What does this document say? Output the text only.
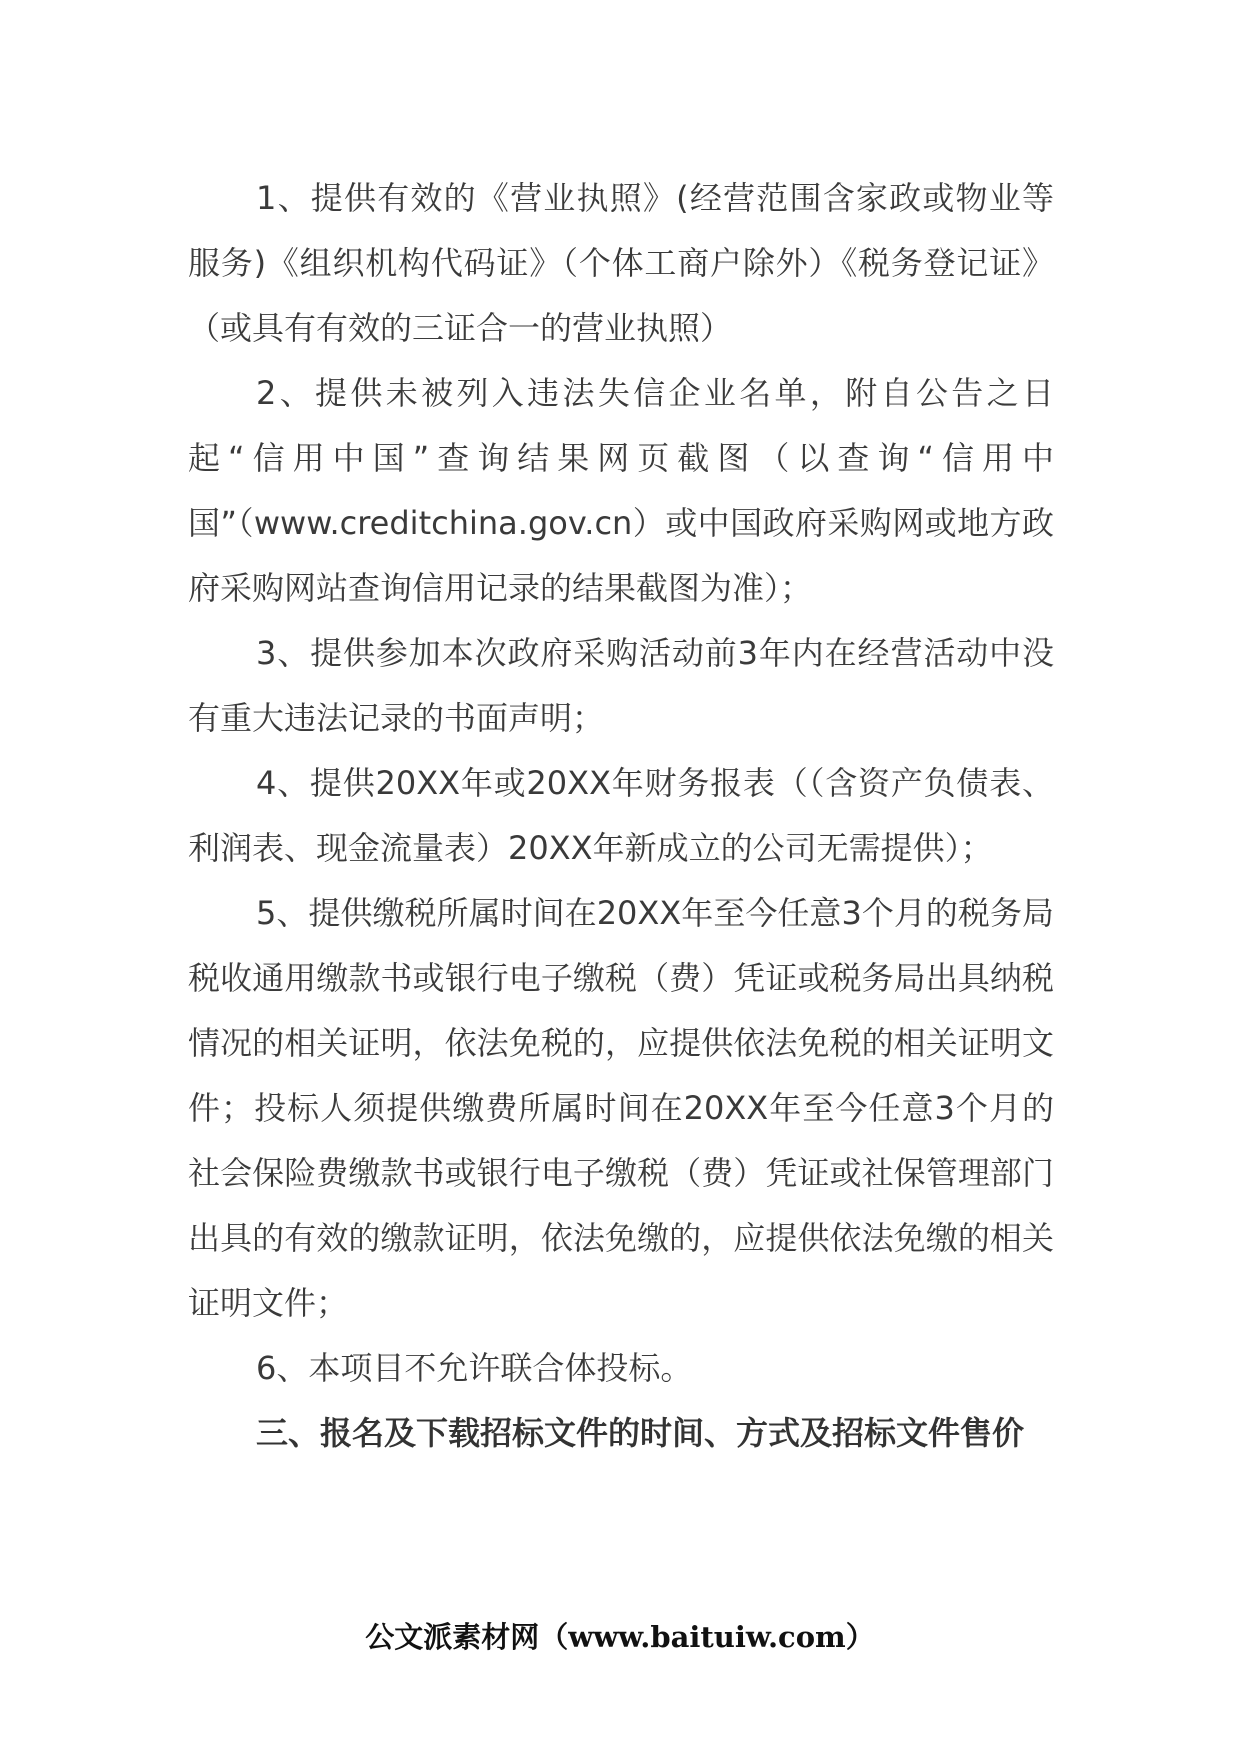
1、提供有效的《营业执照》(经营范围含家政或物业等服务)《组织机构代码证》（个体工商户除外）《税务登记证》（或具有有效的三证合一的营业执照）

2、提供未被列入违法失信企业名单，附自公告之日起“信用中国”查询结果网页截图（以查询“信用中国”（www.creditchina.gov.cn）或中国政府采购网或地方政府采购网站查询信用记录的结果截图为准）；

3、提供参加本次政府采购活动前3年内在经营活动中没有重大违法记录的书面声明；

4、提供20XX年或20XX年财务报表（（含资产负债表、利润表、现金流量表）20XX年新成立的公司无需提供）；

5、提供缴税所属时间在20XX年至今任意3个月的税务局税收通用缴款书或银行电子缴税（费）凭证或税务局出具纳税情况的相关证明，依法免税的，应提供依法免税的相关证明文件；投标人须提供缴费所属时间在20XX年至今任意3个月的社会保险费缴款书或银行电子缴税（费）凭证或社保管理部门出具的有效的缴款证明，依法免缴的，应提供依法免缴的相关证明文件；

6、本项目不允许联合体投标。

三、报名及下载招标文件的时间、方式及招标文件售价

公文派素材网（www.baituiw.com）
